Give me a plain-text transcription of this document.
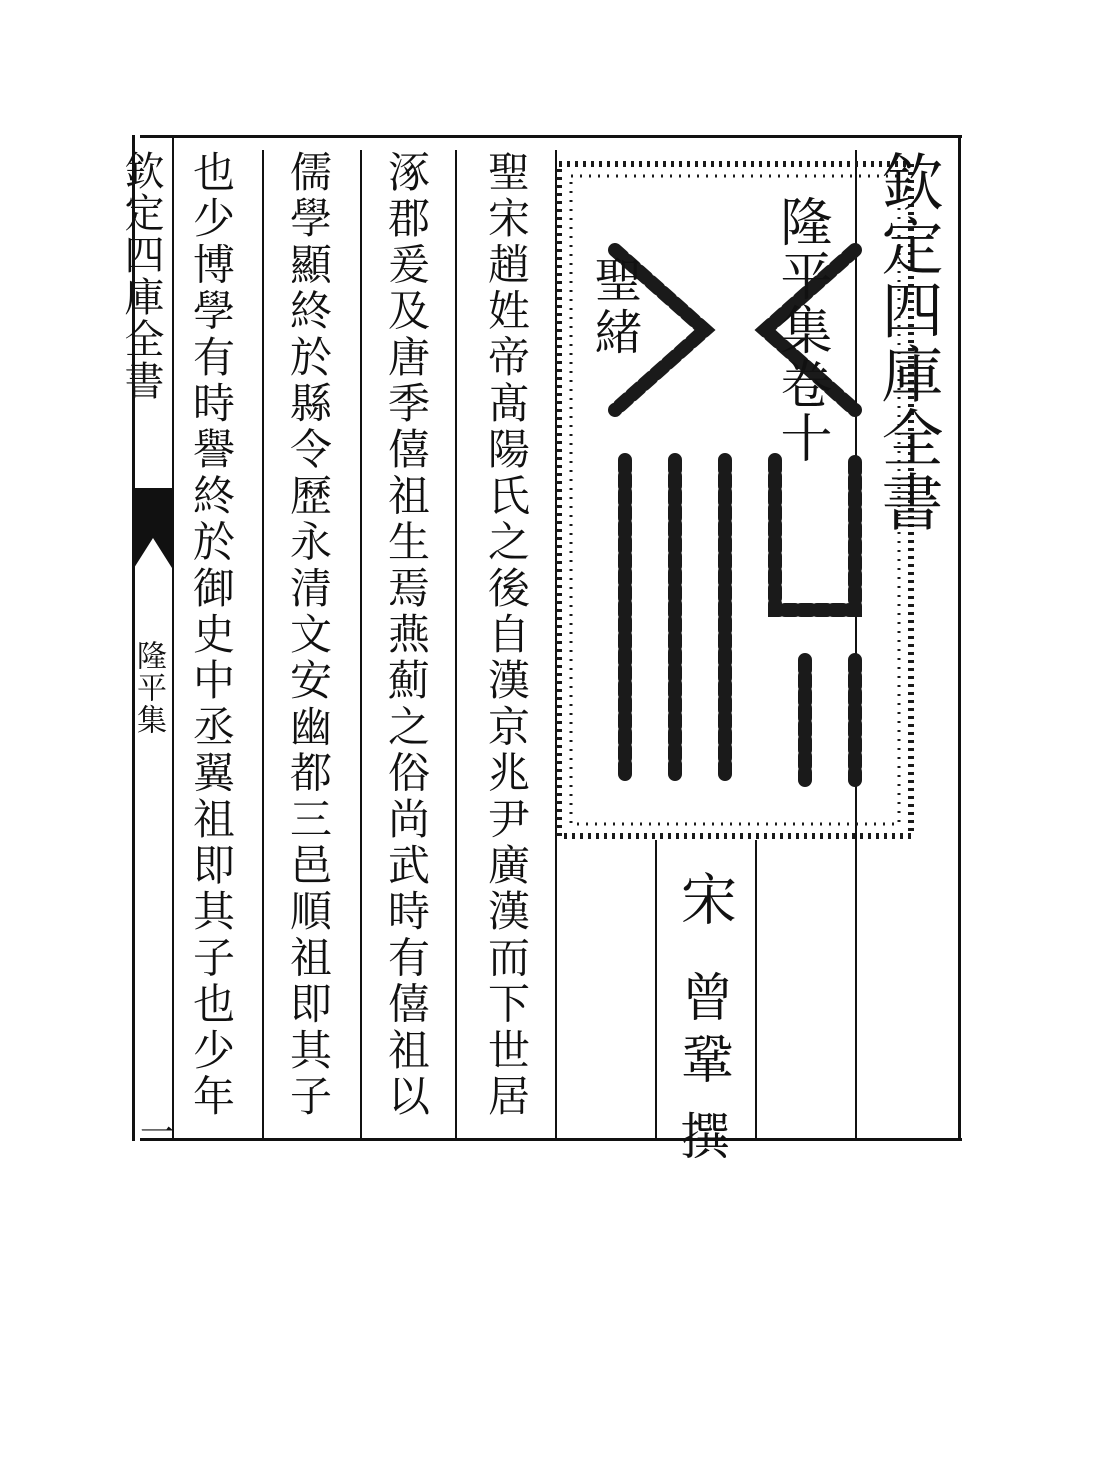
欽定四庫全書
隆平集
一
欽定四庫全書
隆平集卷十
聖緒
宋
曾鞏
撰
聖宋趙姓帝髙陽氏之後自漢京兆尹廣漢而下世居
涿郡爰及唐季僖祖生焉燕薊之俗尚武時有僖祖以
儒學顯終於縣令歷永清文安幽都三邑順祖即其子
也少博學有時譽終於御史中丞翼祖即其子也少年
